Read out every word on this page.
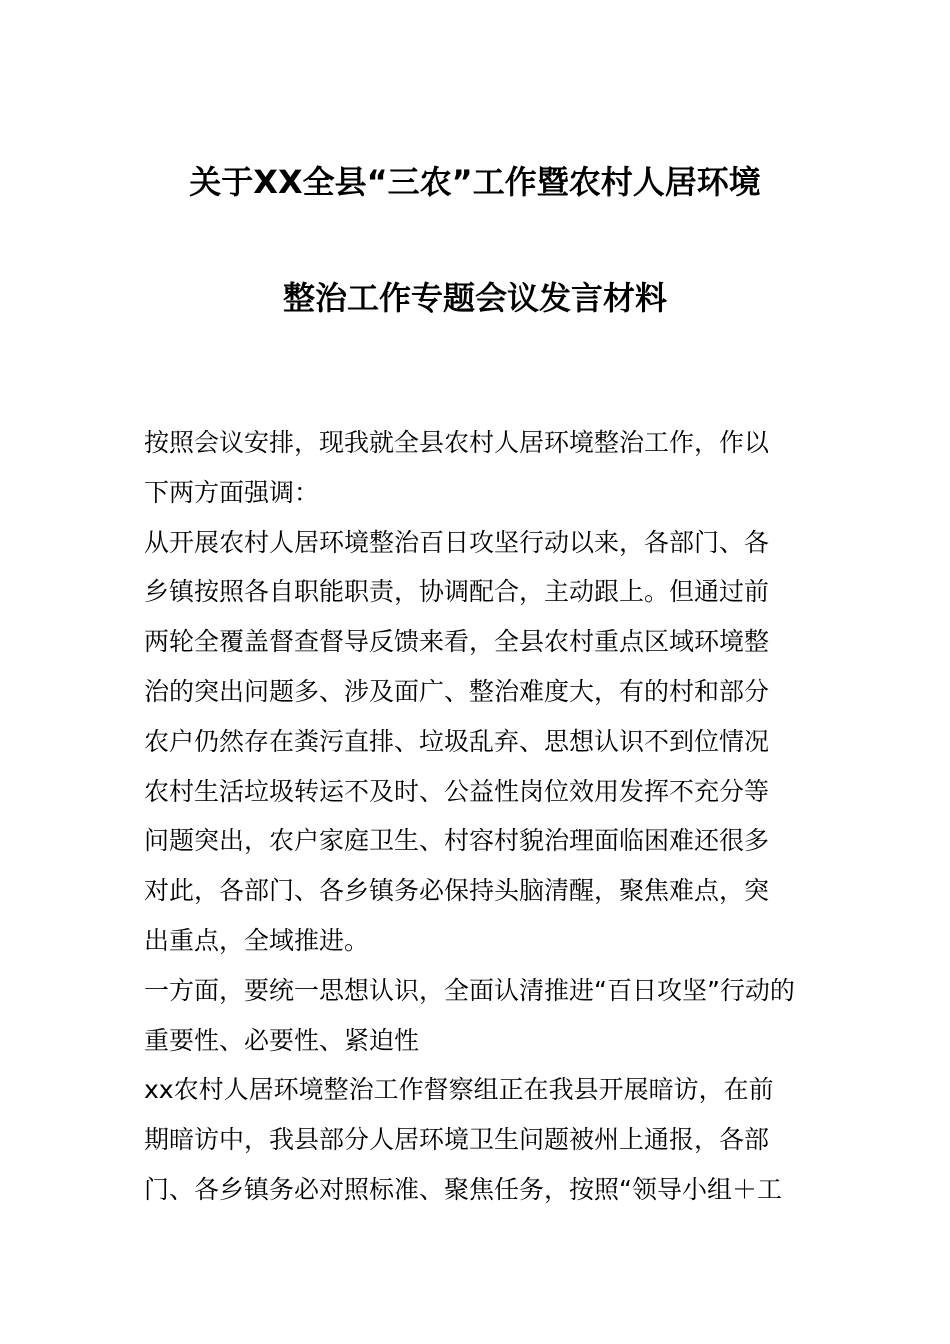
关于XX全县“三农”工作暨农村人居环境
整治工作专题会议发言材料
按照会议安排，现我就全县农村人居环境整治工作，作以
下两方面强调：
从开展农村人居环境整治百日攻坚行动以来，各部门、各
乡镇按照各自职能职责，协调配合，主动跟上。但通过前
两轮全覆盖督查督导反馈来看，全县农村重点区域环境整
治的突出问题多、涉及面广、整治难度大，有的村和部分
农户仍然存在粪污直排、垃圾乱弃、思想认识不到位情况
农村生活垃圾转运不及时、公益性岗位效用发挥不充分等
问题突出，农户家庭卫生、村容村貌治理面临困难还很多
对此，各部门、各乡镇务必保持头脑清醒，聚焦难点，突
出重点，全域推进。
一方面，要统一思想认识，全面认清推进“百日攻坚”行动的
重要性、必要性、紧迫性
xx农村人居环境整治工作督察组正在我县开展暗访，在前
期暗访中，我县部分人居环境卫生问题被州上通报，各部
门、各乡镇务必对照标准、聚焦任务，按照“领导小组＋工
